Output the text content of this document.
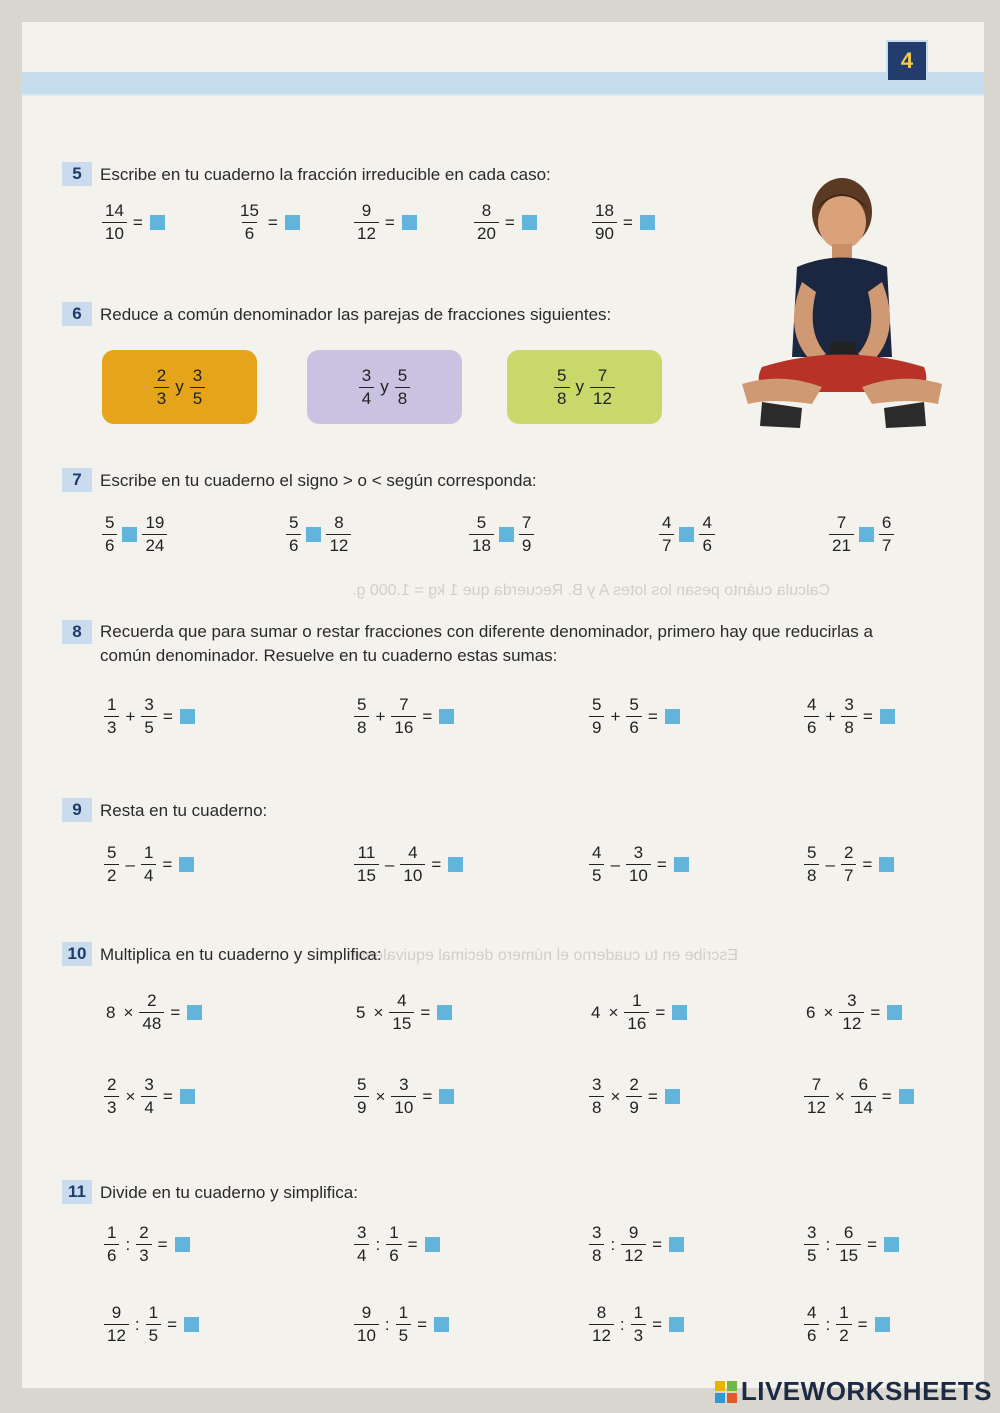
Calcula cuánto pesan los lotes A y B. Recuerda que 1 kg = 1.000 g.
Escribe en tu cuaderno el número decimal equivalente
4
5 Escribe en tu cuaderno la fracción irreducible en cada caso:
$\frac{14}{10}$ =	$\frac{15}{6}$ =	$\frac{9}{12}$ =	$\frac{8}{20}$ =	$\frac{18}{90}$ =
6 Reduce a común denominador las parejas de fracciones siguientes:
$\frac{2}{3}$ y $\frac{3}{5}$	$\frac{3}{4}$ y $\frac{5}{8}$	$\frac{5}{8}$ y $\frac{7}{12}$
7 Escribe en tu cuaderno el signo > o < según corresponda:
$\frac{5}{6} \frac{19}{24}$	$\frac{5}{6} \frac{8}{12}$	$\frac{5}{18} \frac{7}{9}$	$\frac{4}{7} \frac{4}{6}$	$\frac{7}{21} \frac{6}{7}$
8 Recuerda que para sumar o restar fracciones con diferente denominador, primero hay que reducirlas a común denominador. Resuelve en tu cuaderno estas sumas:
$\frac{1}{3} + \frac{3}{5}$ =	$\frac{5}{8} + \frac{7}{16}$ =	$\frac{5}{9} + \frac{5}{6}$ =	$\frac{4}{6} + \frac{3}{8}$ =
9 Resta en tu cuaderno:
$\frac{5}{2} - \frac{1}{4}$ =	$\frac{11}{15} - \frac{4}{10}$ =	$\frac{4}{5} - \frac{3}{10}$ =	$\frac{5}{8} - \frac{2}{7}$ =
10 Multiplica en tu cuaderno y simplifica:
$8 \times \frac{2}{48}$ =	$5 \times \frac{4}{15}$ =	$4 \times \frac{1}{16}$ =	$6 \times \frac{3}{12}$ =
$\frac{2}{3} \times \frac{3}{4}$ =	$\frac{5}{9} \times \frac{3}{10}$ =	$\frac{3}{8} \times \frac{2}{9}$ =	$\frac{7}{12} \times \frac{6}{14}$ =
11 Divide en tu cuaderno y simplifica:
$\frac{1}{6}$ : $\frac{2}{3}$ =	$\frac{3}{4}$ : $\frac{1}{6}$ =	$\frac{3}{8}$ : $\frac{9}{12}$ =	$\frac{3}{5}$ : $\frac{6}{15}$ =
$\frac{9}{12}$ : $\frac{1}{5}$ =	$\frac{9}{10}$ : $\frac{1}{5}$ =	$\frac{8}{12}$ : $\frac{1}{3}$ =	$\frac{4}{6}$ : $\frac{1}{2}$ =
LIVEWORKSHEETS
